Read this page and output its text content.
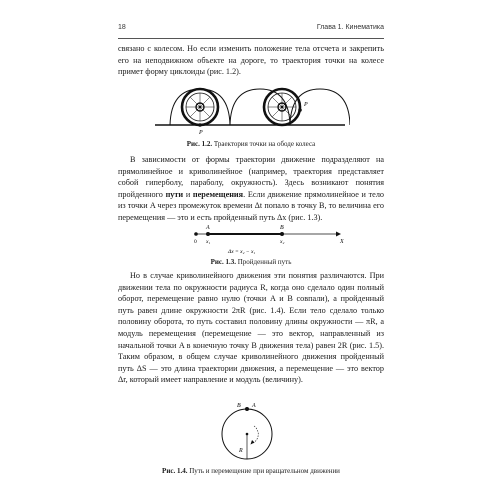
18	Глава 1. Кинематика

связано с колесом. Но если изменить положение тела отсчета и закрепить его на неподвижном объекте на дороге, то траектория точки на колесе примет форму циклоиды (рис. 1.2).

P
P
Рис. 1.2. Траектория точки на ободе колеса

В зависимости от формы траектории движение подразделяют на прямолинейное и криволинейное (например, траектория представляет собой гиперболу, параболу, окружность). Здесь возникают понятия пройденного пути и перемещения. Если движение прямолинейное и тело из точки A через промежуток времени Δt попало в точку B, то величина его перемещения — это и есть пройденный путь Δx (рис. 1.3).

A	B
0 x₁	x₂	X
Δx = x₂ − x₁
Рис. 1.3. Пройденный путь

Но в случае криволинейного движения эти понятия различаются. При движении тела по окружности радиуса R, когда оно сделало один полный оборот, перемещение равно нулю (точки A и B совпали), а пройденный путь равен длине окружности 2πR (рис. 1.4). Если тело сделало только половину оборота, то путь составил половину длины окружности — πR, а модуль перемещения (перемещение — это вектор, направленный из начальной точки A в конечную точку B движения тела) равен 2R (рис. 1.5). Таким образом, в общем случае криволинейного движения пройденный путь ΔS — это длина траектории движения, а перемещение — это вектор Δr, который имеет направление и модуль (величину).

B A
R
Рис. 1.4. Путь и перемещение при вращательном движении
